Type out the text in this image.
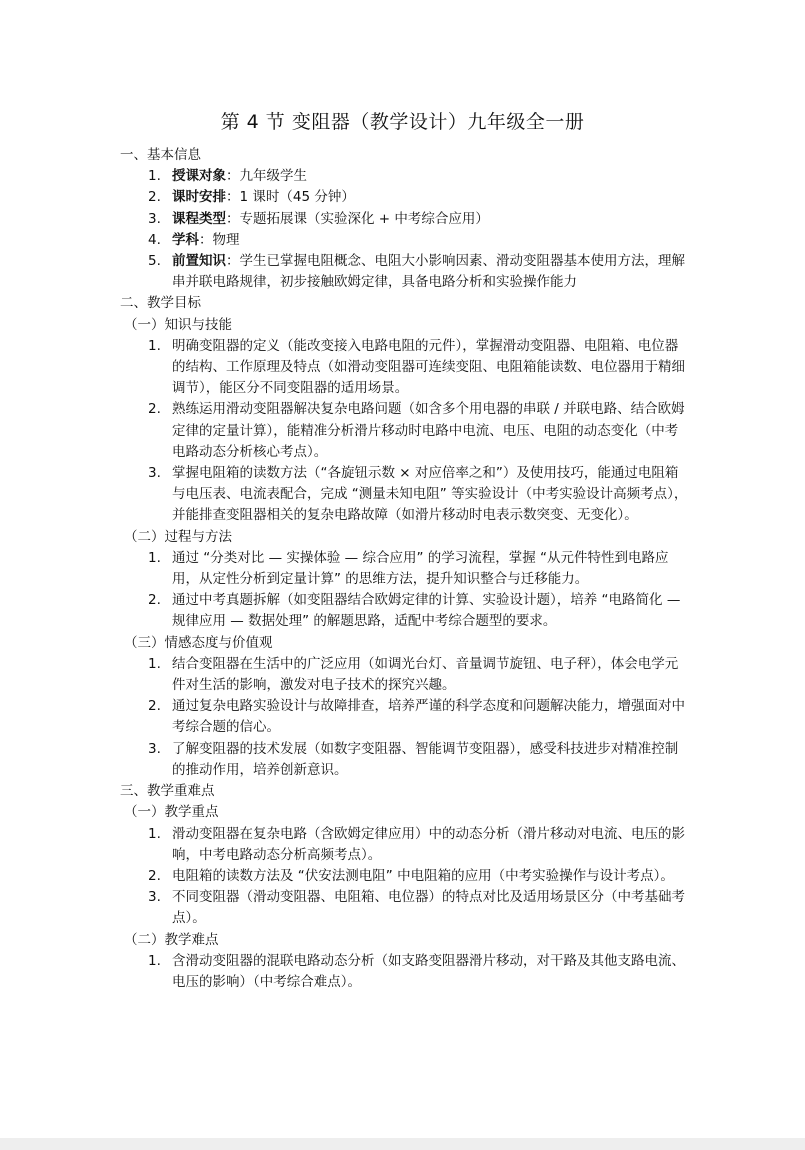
第 4 节 变阻器（教学设计）九年级全一册
一、基本信息
1. 授课对象：九年级学生
2. 课时安排：1 课时（45 分钟）
3. 课程类型：专题拓展课（实验深化 + 中考综合应用）
4. 学科：物理
5. 前置知识：学生已掌握电阻概念、电阻大小影响因素、滑动变阻器基本使用方法，理解串并联电路规律，初步接触欧姆定律，具备电路分析和实验操作能力
二、教学目标
（一）知识与技能
1. 明确变阻器的定义（能改变接入电路电阻的元件），掌握滑动变阻器、电阻箱、电位器的结构、工作原理及特点（如滑动变阻器可连续变阻、电阻箱能读数、电位器用于精细调节），能区分不同变阻器的适用场景。
2. 熟练运用滑动变阻器解决复杂电路问题（如含多个用电器的串联 / 并联电路、结合欧姆定律的定量计算），能精准分析滑片移动时电路中电流、电压、电阻的动态变化（中考电路动态分析核心考点）。
3. 掌握电阻箱的读数方法（“各旋钮示数 × 对应倍率之和”）及使用技巧，能通过电阻箱与电压表、电流表配合，完成 “测量未知电阻” 等实验设计（中考实验设计高频考点），并能排查变阻器相关的复杂电路故障（如滑片移动时电表示数突变、无变化）。
（二）过程与方法
1. 通过 “分类对比 — 实操体验 — 综合应用” 的学习流程，掌握 “从元件特性到电路应用，从定性分析到定量计算” 的思维方法，提升知识整合与迁移能力。
2. 通过中考真题拆解（如变阻器结合欧姆定律的计算、实验设计题），培养 “电路简化 — 规律应用 — 数据处理” 的解题思路，适配中考综合题型的要求。
（三）情感态度与价值观
1. 结合变阻器在生活中的广泛应用（如调光台灯、音量调节旋钮、电子秤），体会电学元件对生活的影响，激发对电子技术的探究兴趣。
2. 通过复杂电路实验设计与故障排查，培养严谨的科学态度和问题解决能力，增强面对中考综合题的信心。
3. 了解变阻器的技术发展（如数字变阻器、智能调节变阻器），感受科技进步对精准控制的推动作用，培养创新意识。
三、教学重难点
（一）教学重点
1. 滑动变阻器在复杂电路（含欧姆定律应用）中的动态分析（滑片移动对电流、电压的影响，中考电路动态分析高频考点）。
2. 电阻箱的读数方法及 “伏安法测电阻” 中电阻箱的应用（中考实验操作与设计考点）。
3. 不同变阻器（滑动变阻器、电阻箱、电位器）的特点对比及适用场景区分（中考基础考点）。
（二）教学难点
1. 含滑动变阻器的混联电路动态分析（如支路变阻器滑片移动，对干路及其他支路电流、电压的影响）（中考综合难点）。
